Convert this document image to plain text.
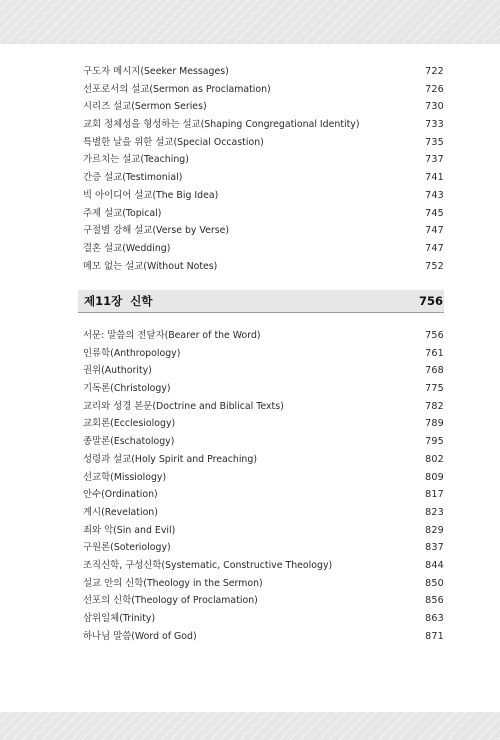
구도자 메시지(Seeker Messages)	722
선포로서의 설교(Sermon as Proclamation)	726
시리즈 설교(Sermon Series)	730
교회 정체성을 형성하는 설교(Shaping Congregational Identity)	733
특별한 날을 위한 설교(Special Occastion)	735
가르치는 설교(Teaching)	737
간증 설교(Testimonial)	741
빅 아이디어 설교(The Big Idea)	743
주제 설교(Topical)	745
구절별 강해 설교(Verse by Verse)	747
결혼 설교(Wedding)	747
메모 없는 설교(Without Notes)	752
제11장  신학	756
서문: 말씀의 전달자(Bearer of the Word)	756
인류학(Anthropology)	761
권위(Authority)	768
기독론(Christology)	775
교리와 성경 본문(Doctrine and Biblical Texts)	782
교회론(Ecclesiology)	789
종말론(Eschatology)	795
성령과 설교(Holy Spirit and Preaching)	802
선교학(Missiology)	809
안수(Ordination)	817
계시(Revelation)	823
죄와 악(Sin and Evil)	829
구원론(Soteriology)	837
조직신학, 구성신학(Systematic, Constructive Theology)	844
설교 안의 신학(Theology in the Sermon)	850
선포의 신학(Theology of Proclamation)	856
삼위일체(Trinity)	863
하나님 말씀(Word of God)	871
